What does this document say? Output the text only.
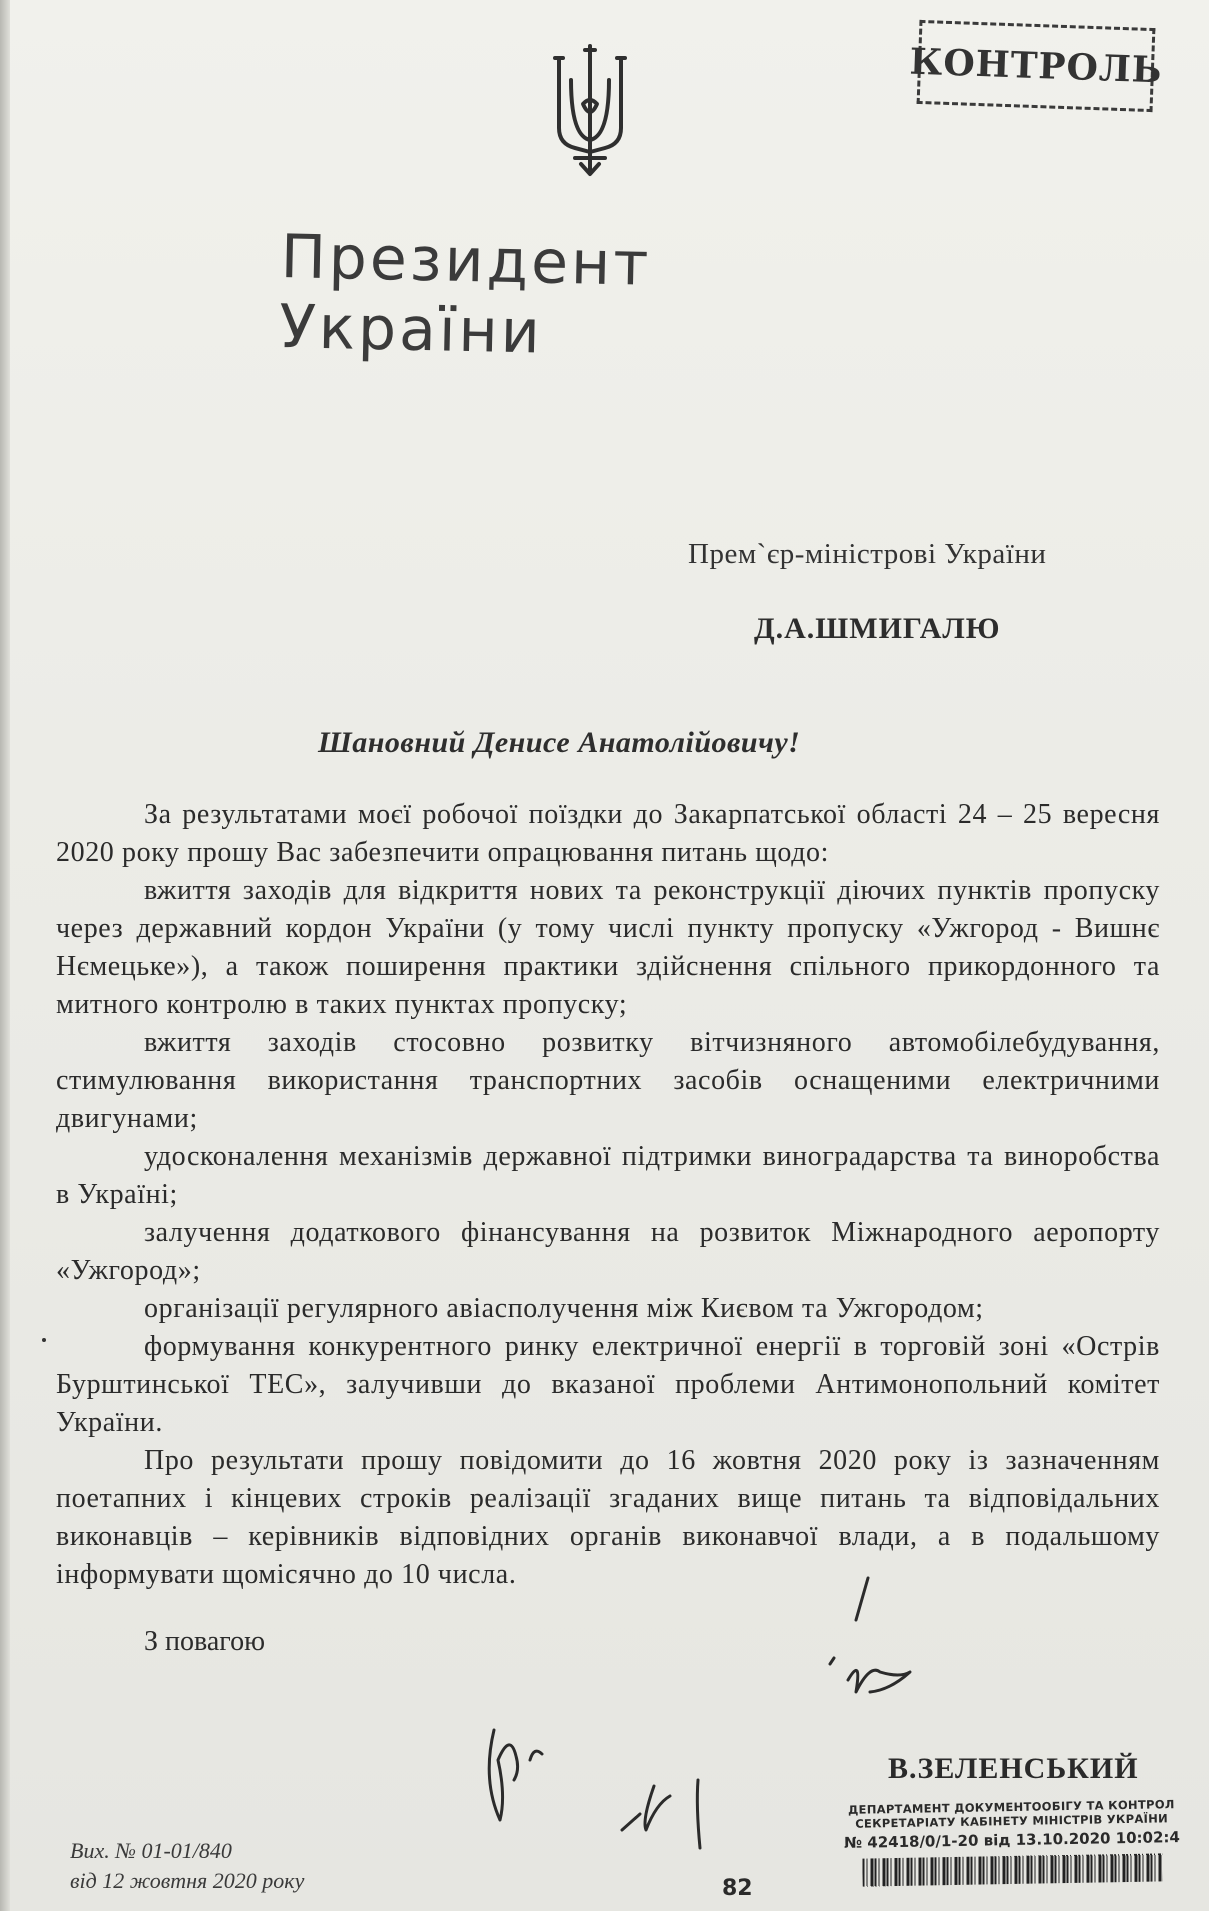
КОНТРОЛЬ
Президент України
Прем`єр-міністрові України
Д.А.ШМИГАЛЮ
Шановний Денисе Анатолійовичу!

За результатами моєї робочої поїздки до Закарпатської області 24 – 25 вересня 2020 року прошу Вас забезпечити опрацювання питань щодо:

вжиття заходів для відкриття нових та реконструкції діючих пунктів пропуску через державний кордон України (у тому числі пункту пропуску «Ужгород - Вишнє Нємецьке»), а також поширення практики здійснення спільного прикордонного та митного контролю в таких пунктах пропуску;

вжиття заходів стосовно розвитку вітчизняного автомобілебудування, стимулювання використання транспортних засобів оснащеними електричними двигунами;

удосконалення механізмів державної підтримки виноградарства та виноробства в Україні;

залучення додаткового фінансування на розвиток Міжнародного аеропорту «Ужгород»;

організації регулярного авіасполучення між Києвом та Ужгородом;

формування конкурентного ринку електричної енергії в торговій зоні «Острів Бурштинської ТЕС», залучивши до вказаної проблеми Антимонопольний комітет України.

Про результати прошу повідомити до 16 жовтня 2020 року із зазначенням поетапних і кінцевих строків реалізації згаданих вище питань та відповідальних виконавців – керівників відповідних органів виконавчої влади, а в подальшому інформувати щомісячно до 10 числа.

З повагою
В.ЗЕЛЕНСЬКИЙ
ДЕПАРТАМЕНТ ДОКУМЕНТООБІГУ ТА КОНТРОЛ
СЕКРЕТАРІАТУ КАБІНЕТУ МІНІСТРІВ УКРАЇНИ
№ 42418/0/1-20 від 13.10.2020 10:02:4
Вих. № 01-01/840
від 12 жовтня 2020 року	82
